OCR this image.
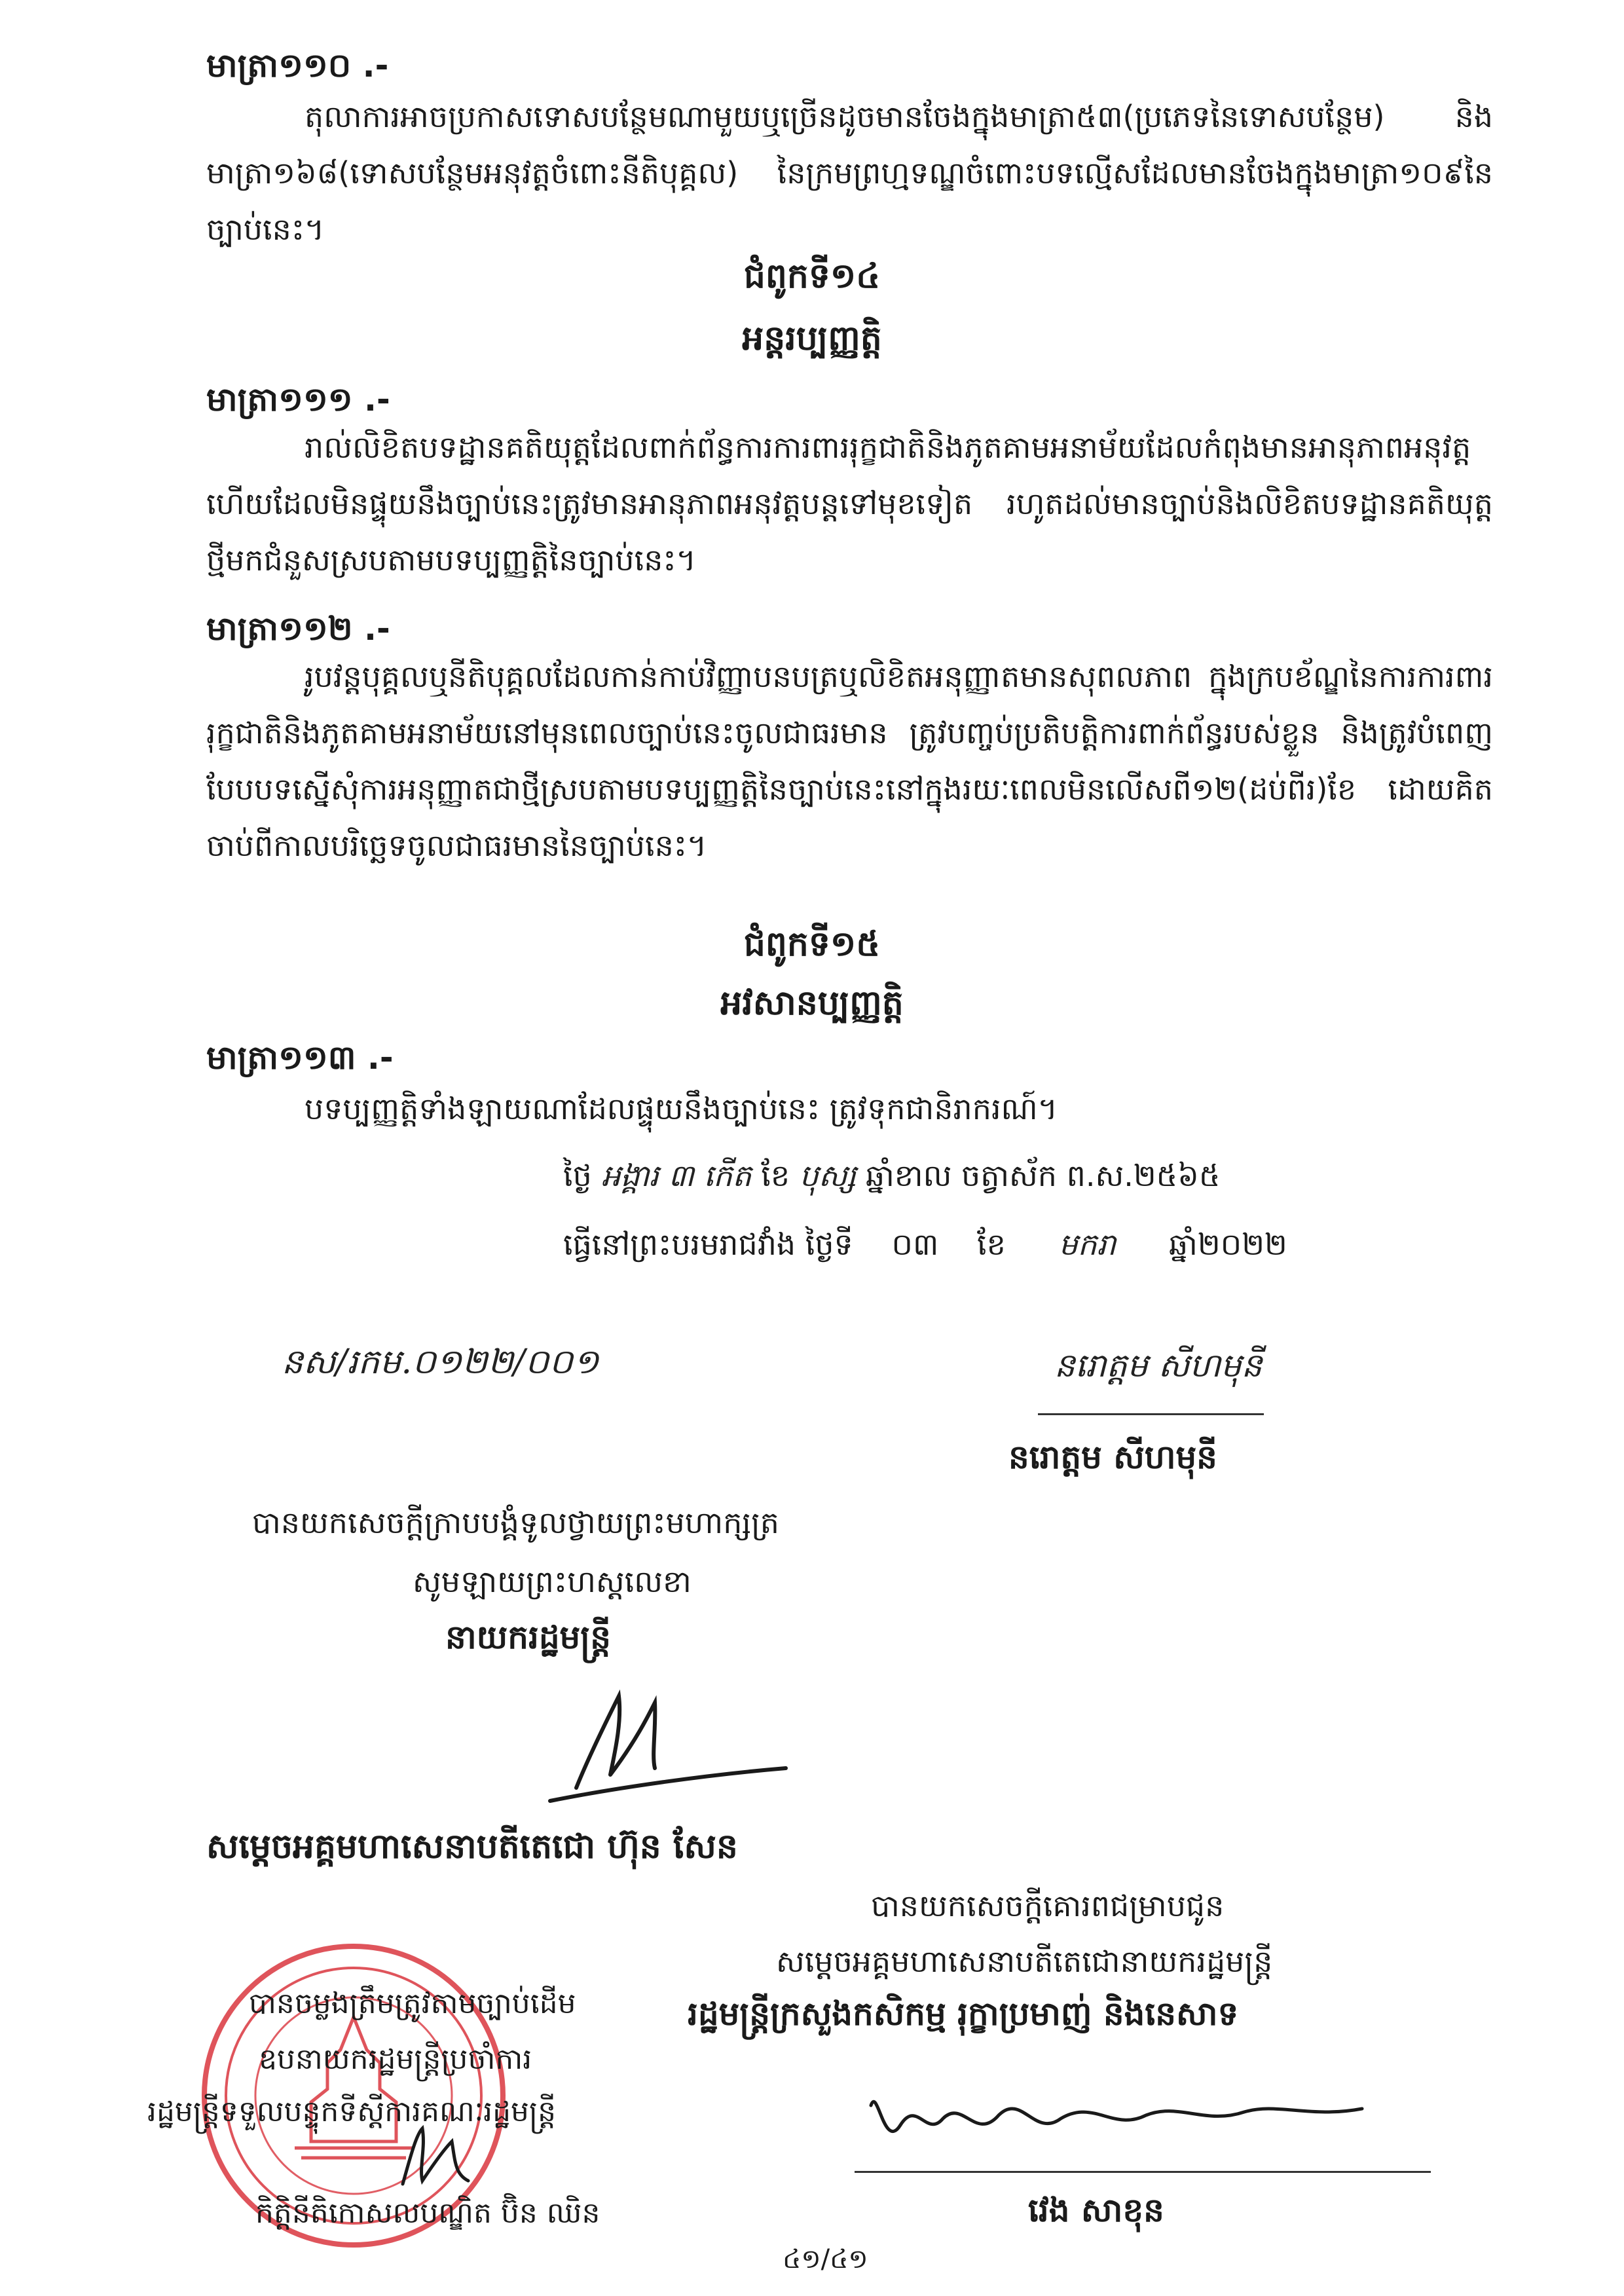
មាត្រា១១០ .-
តុលាការអាចប្រកាសទោសបន្ថែមណាមួយឬច្រើនដូចមានចែងក្នុងមាត្រា៥៣(ប្រភេទនៃទោសបន្ថែម) និងមាត្រា១៦៨(ទោសបន្ថែមអនុវត្តចំពោះនីតិបុគ្គល) នៃក្រមព្រហ្មទណ្ឌចំពោះបទល្មើសដែលមានចែងក្នុងមាត្រា១០៩នៃច្បាប់នេះ។
ជំពូកទី១៤
អន្តរប្បញ្ញត្តិ
មាត្រា១១១ .-
រាល់លិខិតបទដ្ឋានគតិយុត្តដែលពាក់ព័ន្ធការការពាររុក្ខជាតិនិងភូតគាមអនាម័យដែលកំពុងមានអានុភាពអនុវត្ត ហើយដែលមិនផ្ទុយនឹងច្បាប់នេះត្រូវមានអានុភាពអនុវត្តបន្តទៅមុខទៀត រហូតដល់មានច្បាប់និងលិខិតបទដ្ឋានគតិយុត្តថ្មីមកជំនួសស្របតាមបទប្បញ្ញត្តិនៃច្បាប់នេះ។
មាត្រា១១២ .-
រូបវន្តបុគ្គលឬនីតិបុគ្គលដែលកាន់កាប់វិញ្ញាបនបត្រឬលិខិតអនុញ្ញាតមានសុពលភាព ក្នុងក្របខ័ណ្ឌនៃការការពាររុក្ខជាតិនិងភូតគាមអនាម័យនៅមុនពេលច្បាប់នេះចូលជាធរមាន ត្រូវបញ្ចប់ប្រតិបត្តិការពាក់ព័ន្ធរបស់ខ្លួន និងត្រូវបំពេញបែបបទស្នើសុំការអនុញ្ញាតជាថ្មីស្របតាមបទប្បញ្ញត្តិនៃច្បាប់នេះនៅក្នុងរយៈពេលមិនលើសពី១២(ដប់ពីរ)ខែ ដោយគិតចាប់ពីកាលបរិច្ឆេទចូលជាធរមាននៃច្បាប់នេះ។
ជំពូកទី១៥
អវសានប្បញ្ញត្តិ
មាត្រា១១៣ .-
បទប្បញ្ញត្តិទាំងឡាយណាដែលផ្ទុយនឹងច្បាប់នេះ ត្រូវទុកជានិរាករណ៍។
ថ្ងៃ អង្គារ ៣ កើត ខែ បុស្ស ឆ្នាំខាល ចត្វាស័ក ព.ស.២៥៦៥
ធ្វើនៅព្រះបរមរាជវាំង ថ្ងៃទី ០៣ ខែ មករា ឆ្នាំ២០២២
នស/រកម.០១២២/០០១	នរោត្តម សីហមុនី
នរោត្តម សីហមុនី
បានយកសេចក្តីក្រាបបង្គំទូលថ្វាយព្រះមហាក្សត្រ
សូមឡាយព្រះហស្តលេខា
នាយករដ្ឋមន្ត្រី
សម្តេចអគ្គមហាសេនាបតីតេជោ ហ៊ុន សែន
បានយកសេចក្តីគោរពជម្រាបជូន
សម្តេចអគ្គមហាសេនាបតីតេជោនាយករដ្ឋមន្ត្រី
រដ្ឋមន្ត្រីក្រសួងកសិកម្ម រុក្ខាប្រមាញ់ និងនេសាទ
វេង សាខុន
បានចម្លងត្រឹមត្រូវតាមច្បាប់ដើម
ឧបនាយករដ្ឋមន្ត្រីប្រចាំការ
រដ្ឋមន្ត្រីទទួលបន្ទុកទីស្តីការគណៈរដ្ឋមន្ត្រី
កិត្តិនីតិកោសលបណ្ឌិត ប៊ិន ឈិន
៤១/៤១
